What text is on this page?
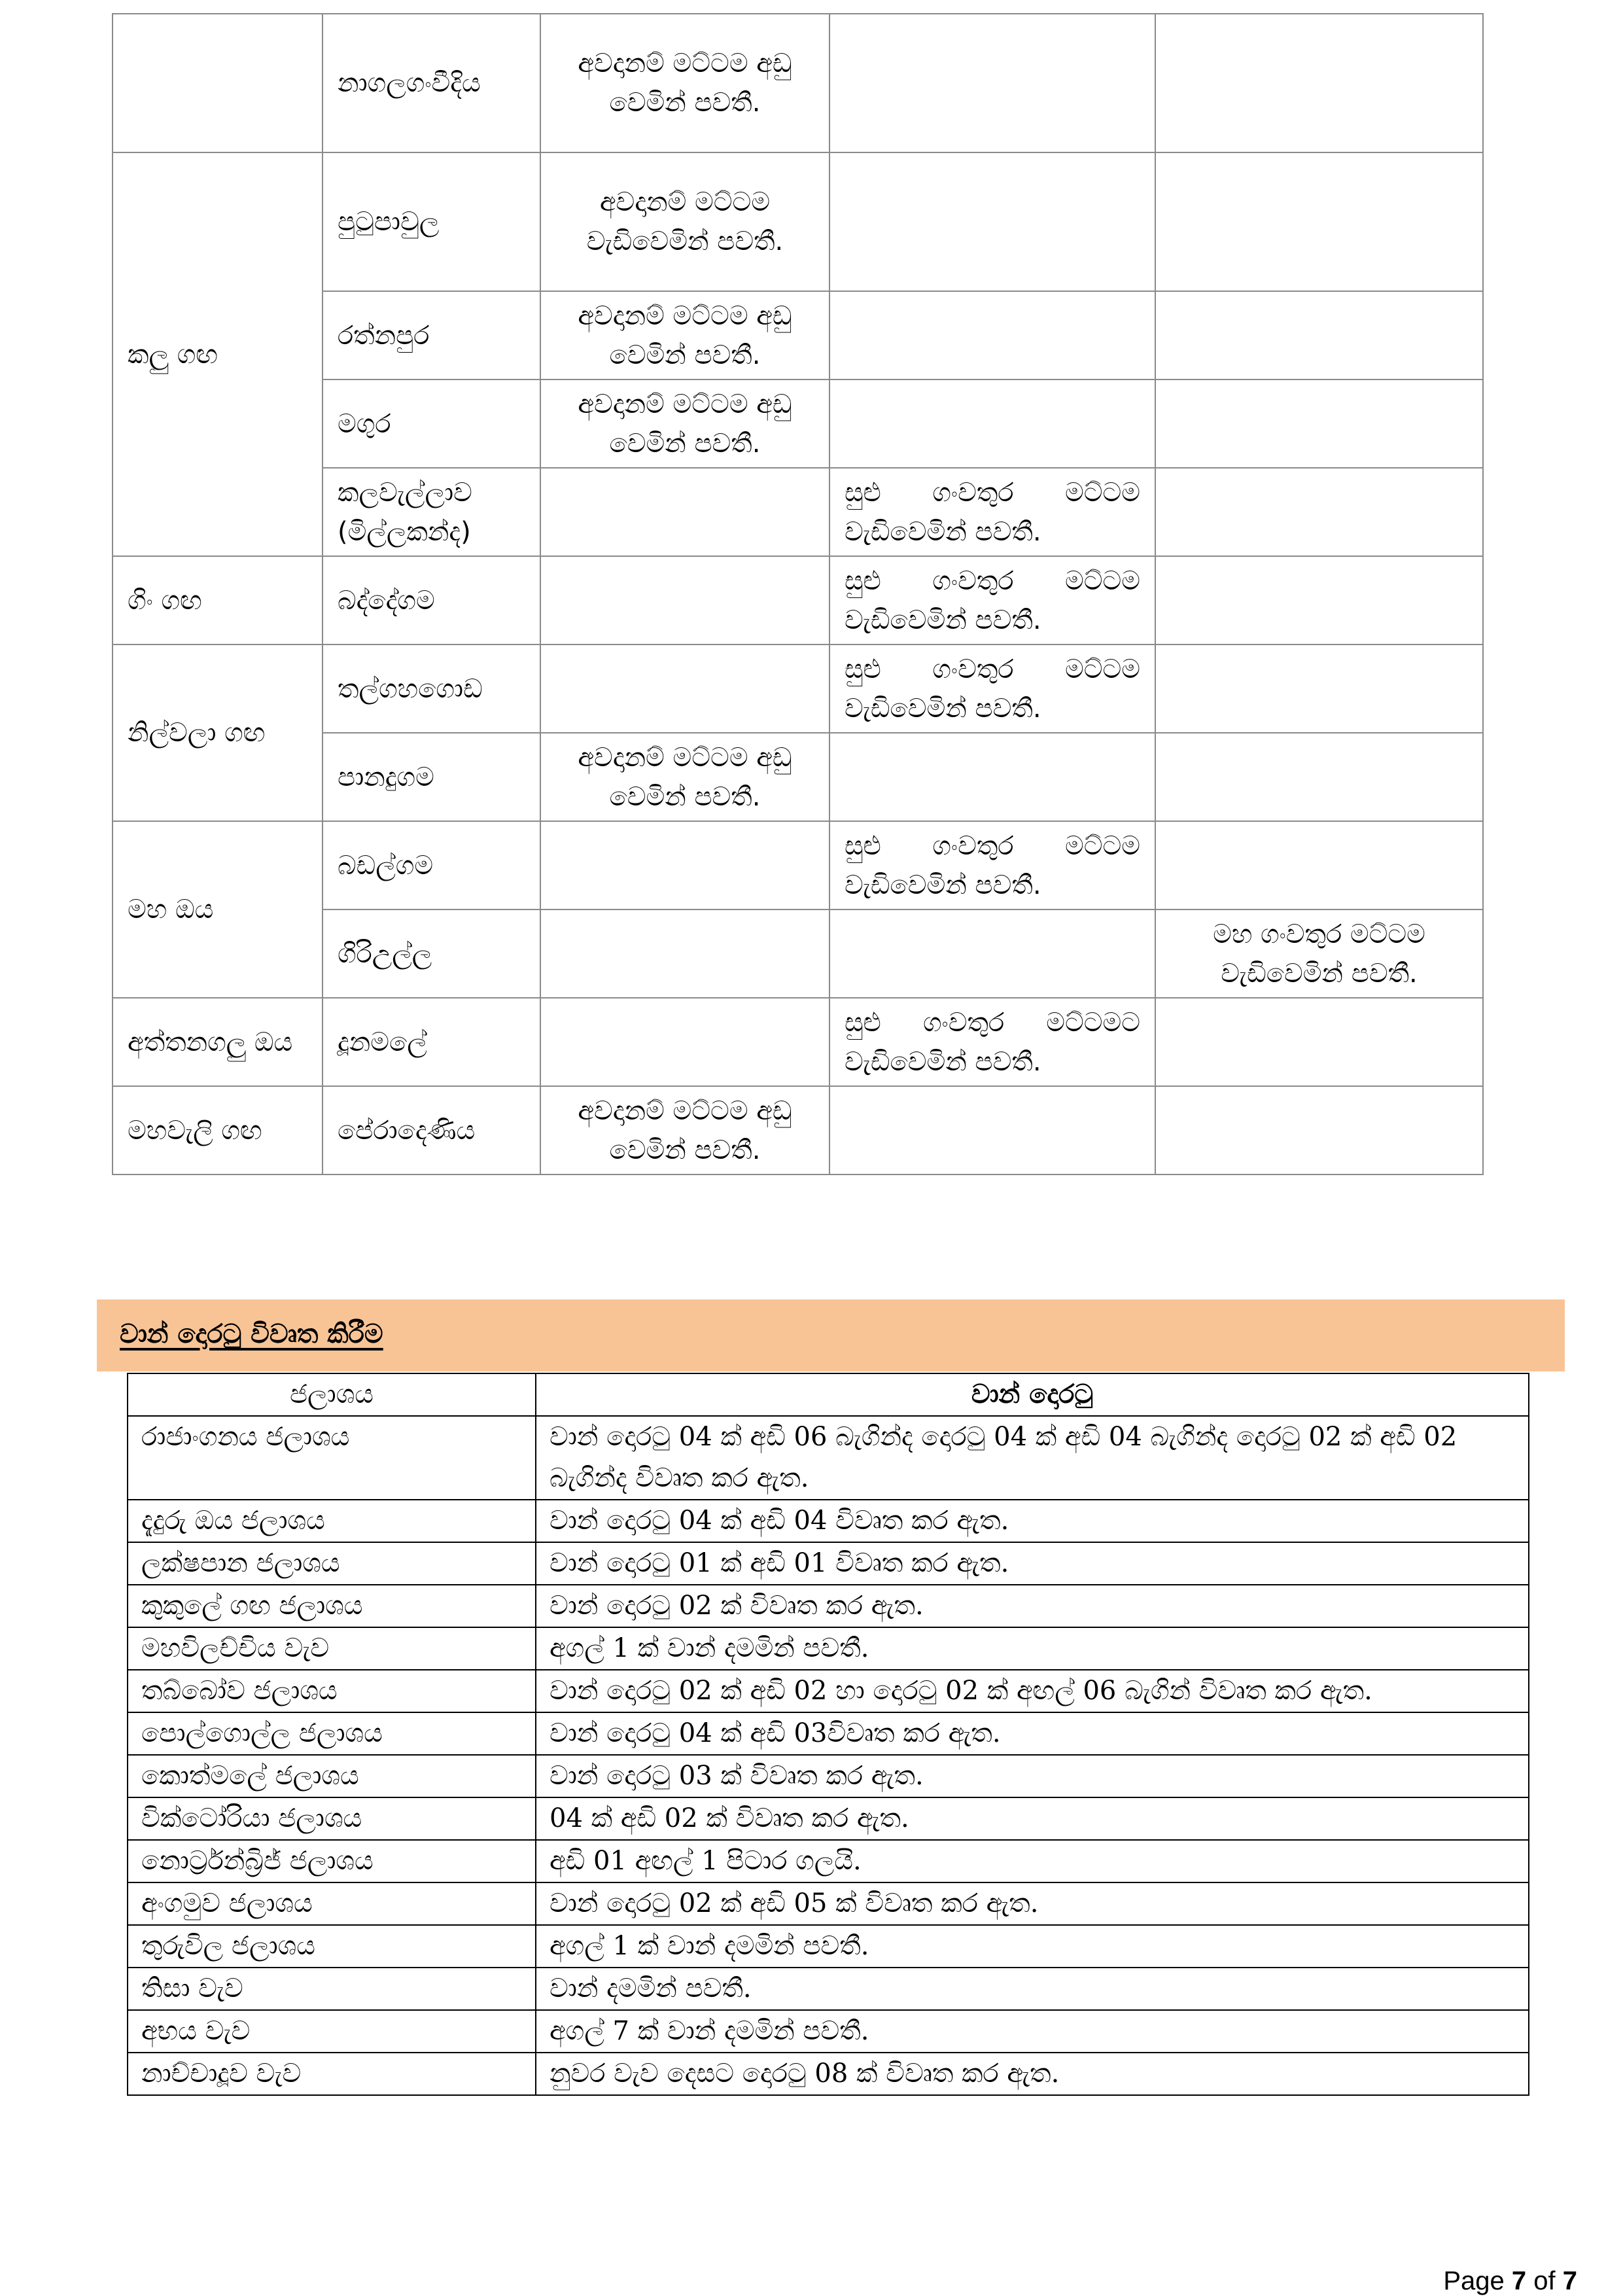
	නාගලගංවීදිය	අවදානම් මට්ටම අඩු වෙමින් පවතී.		
කලු ගඟ	පුටුපාවුල	අවදානම් මට්ටම වැඩිවෙමින් පවතී.		
	රත්නපුර	අවදානම් මට්ටම අඩු වෙමින් පවතී.		
	මගුර	අවදානම් මට්ටම අඩු වෙමින් පවතී.		
	කලවැල්ලාව (මිල්ලකන්ද)		සුළු ගංවතුර මට්ටම වැඩිවෙමින් පවතී.	
ගිං ගඟ	බද්දේගම		සුළු ගංවතුර මට්ටම වැඩිවෙමින් පවතී.	
නිල්වලා ගඟ	තල්ගහගොඩ		සුළු ගංවතුර මට්ටම වැඩිවෙමින් පවතී.	
	පානදුගම	අවදානම් මට්ටම අඩු වෙමින් පවතී.		
මහ ඔය	බඩල්ගම		සුළු ගංවතුර මට්ටම වැඩිවෙමින් පවතී.	
	ගිරිඋල්ල			මහ ගංවතුර මට්ටම වැඩිවෙමින් පවතී.
අත්තනගලු ඔය	දූනමලේ		සුළු ගංවතුර මට්ටමට වැඩිවෙමින් පවතී.	
මහවැලි ගඟ	පේරාදෙණිය	අවදානම් මට්ටම අඩු වෙමින් පවතී.		
වාන් දොරටු විවෘත කිරීම
ජලාශය	වාන් දොරටු
රාජාංගනය ජලාශය	වාන් දොරටු 04 ක් අඩි 06 බැගින්ද දොරටු 04 ක් අඩි 04 බැගින්ද දොරටු 02 ක් අඩි 02 බැගින්ද විවෘත කර ඇත.
දැදුරු ඔය ජලාශය	වාන් දොරටු 04 ක් අඩි 04 විවෘත කර ඇත.
ලක්ෂපාන ජලාශය	වාන් දොරටු 01 ක් අඩි 01 විවෘත කර ඇත.
කුකුලේ ගඟ ජලාශය	වාන් දොරටු 02 ක් විවෘත කර ඇත.
මහවිලච්චිය වැව	අගල් 1 ක් වාන් දමමින් පවතී.
තබ්බෝව ජලාශය	වාන් දොරටු 02 ක් අඩි 02 හා දොරටු 02 ක් අඟල් 06 බැගින් විවෘත කර ඇත.
පොල්ගොල්ල ජලාශය	වාන් දොරටු 04 ක් අඩි 03විවෘත කර ඇත.
කොත්මලේ ජලාශය	වාන් දොරටු 03 ක් විවෘත කර ඇත.
වික්ටෝරියා ජලාශය	04 ක් අඩි 02 ක් විවෘත කර ඇත.
නොර්ට්‍රන්බ්‍රිජ් ජලාශය	අඩි 01 අඟල් 1 පිටාර ගලයි.
අංගමුව ජලාශය	වාන් දොරටු 02 ක් අඩි 05 ක් විවෘත කර ඇත.
තුරුවිල ජලාශය	අගල් 1 ක් වාන් දමමින් පවතී.
තිසා වැව	වාන් දමමින් පවතී.
අභය වැව	අගල් 7 ක් වාන් දමමින් පවතී.
නාච්චාදූව වැව	නුවර වැව දෙසට දොරටු 08 ක් විවෘත කර ඇත.
Page 7 of 7
